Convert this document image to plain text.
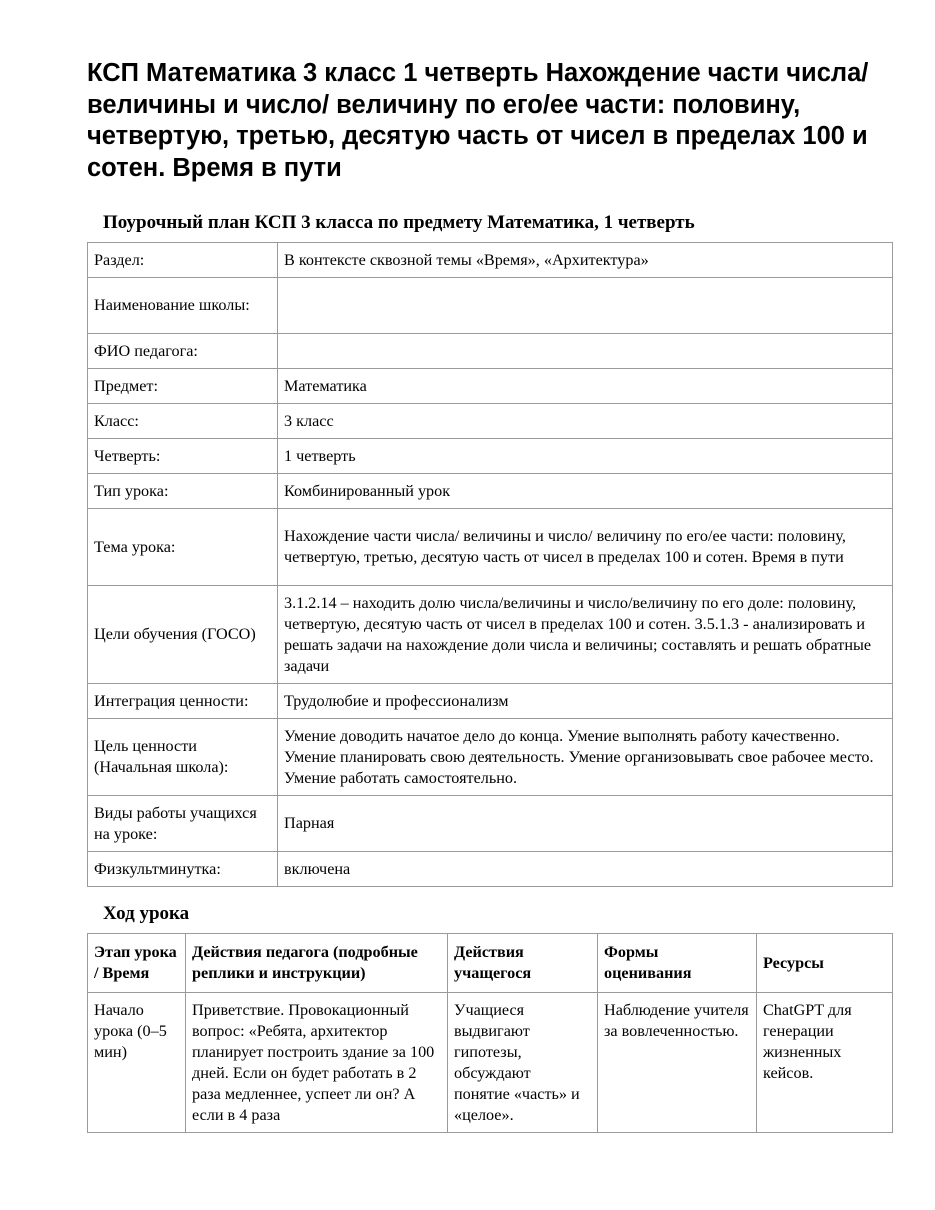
КСП Математика 3 класс 1 четверть Нахождение части числа/ величины и число/ величину по его/ее части: половину, четвертую, третью, десятую часть от чисел в пределах 100 и сотен. Время в пути

Поурочный план КСП 3 класса по предмету Математика, 1 четверть

Раздел:	В контексте сквозной темы «Время», «Архитектура»
Наименование школы:	
ФИО педагога:	
Предмет:	Математика
Класс:	3 класс
Четверть:	1 четверть
Тип урока:	Комбинированный урок
Тема урока:	Нахождение части числа/ величины и число/ величину по его/ее части: половину, четвертую, третью, десятую часть от чисел в пределах 100 и сотен. Время в пути
Цели обучения (ГОСО)	3.1.2.14 – находить долю числа/величины и число/величину по его доле: половину, четвертую, десятую часть от чисел в пределах 100 и сотен. 3.5.1.3 - анализировать и решать задачи на нахождение доли числа и величины; составлять и решать обратные задачи
Интеграция ценности:	Трудолюбие и профессионализм
Цель ценности (Начальная школа):	Умение доводить начатое дело до конца. Умение выполнять работу качественно. Умение планировать свою деятельность. Умение организовывать свое рабочее место. Умение работать самостоятельно.
Виды работы учащихся на уроке:	Парная
Физкультминутка:	включена

Ход урока

Этап урока / Время	Действия педагога (подробные реплики и инструкции)	Действия учащегося	Формы оценивания	Ресурсы
Начало урока (0–5 мин)	Приветствие. Провокационный вопрос: «Ребята, архитектор планирует построить здание за 100 дней. Если он будет работать в 2 раза медленнее, успеет ли он? А если в 4 раза	Учащиеся выдвигают гипотезы, обсуждают понятие «часть» и «целое».	Наблюдение учителя за вовлеченностью.	ChatGPT для генерации жизненных кейсов.
